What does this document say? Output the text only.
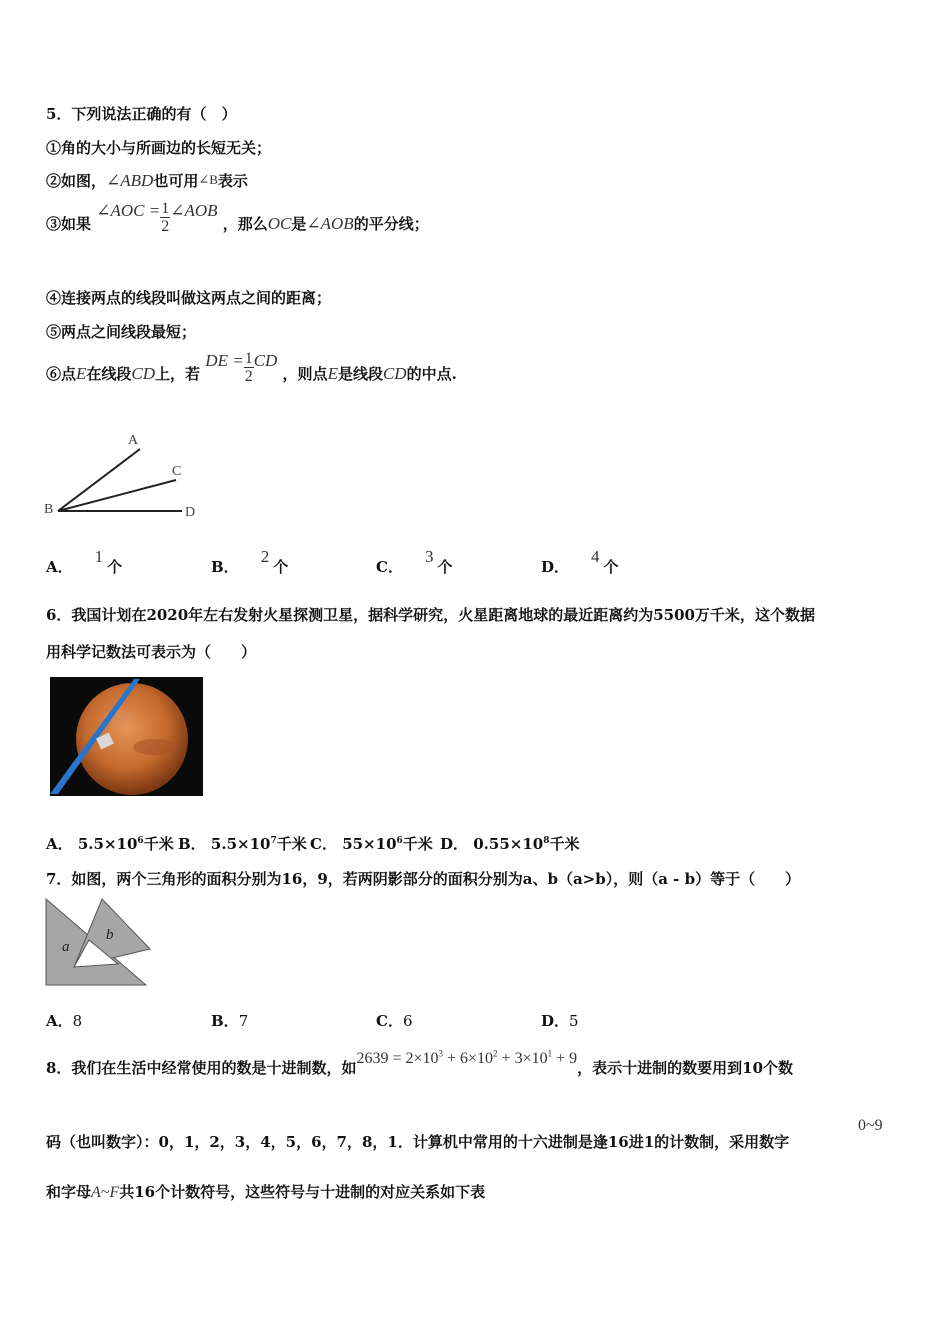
5．下列说法正确的有（　）
①角的大小与所画边的长短无关；
②如图，∠ABD也可用∠B表示
③如果 ∠AOC = $\frac{1}{2}$ ∠AOB ，那么OC是∠AOB的平分线；
④连接两点的线段叫做这两点之间的距离；
⑤两点之间线段最短；
⑥点E在线段CD上，若 DE = $\frac{1}{2}$ CD ，则点E是线段CD的中点.
A
C
B	D
A．1个	B．2个	C．3个	D．4个
6．我国计划在2020年左右发射火星探测卫星，据科学研究，火星距离地球的最近距离约为5500万千米，这个数据
用科学记数法可表示为（　　）
A． $5.5\times 10^6$千米 B． $5.5\times 10^7$千米 C． $55\times 10^6$千米 D． $0.55\times 10^8$千米
7．如图，两个三角形的面积分别为16，9，若两阴影部分的面积分别为a、b（a>b），则（a - b）等于（　　）
a
b
A．8	B．7	C．6	D．5
8．我们在生活中经常使用的数是十进制数，如$2639 = 2\times 10^3 + 6\times 10^2 + 3\times 10^1 + 9$，表示十进制的数要用到10个数
码（也叫数字）：0，1，2，3，4，5，6，7，8，1．计算机中常用的十六进制是逢16进1的计数制，采用数字
0~9
和字母A~F共16个计数符号，这些符号与十进制的对应关系如下表
